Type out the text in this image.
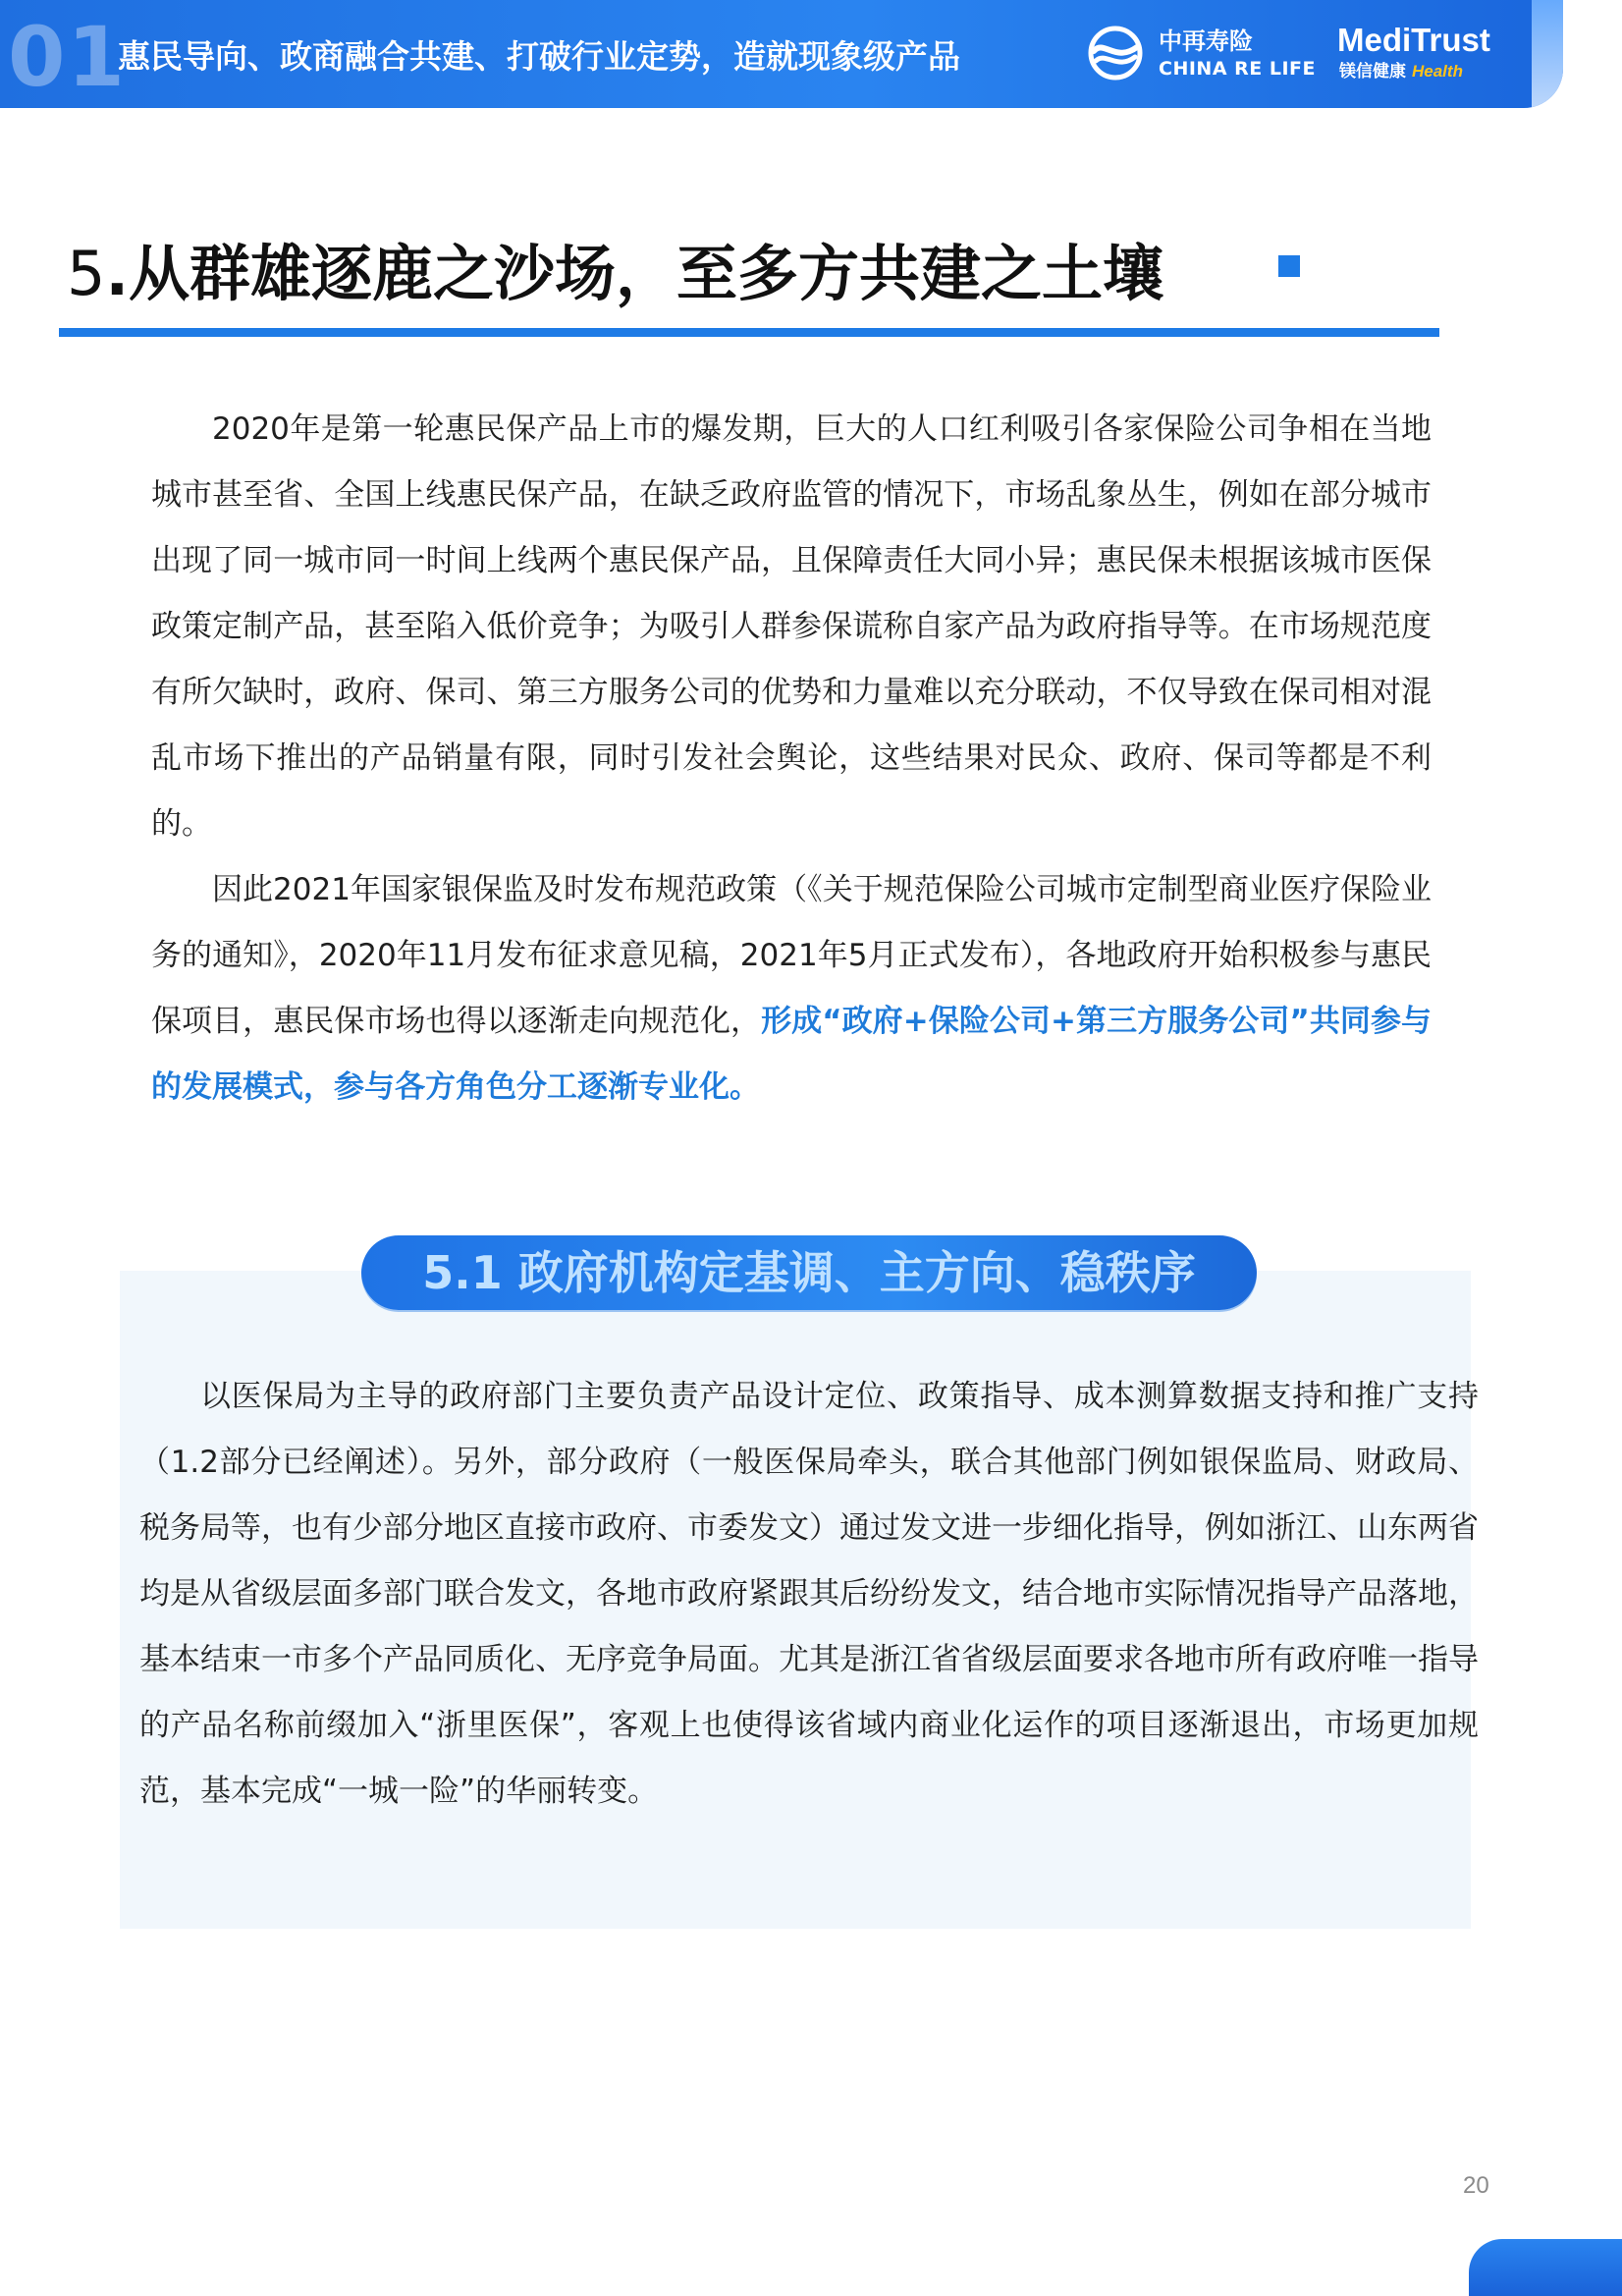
01
惠民导向、政商融合共建、打破行业定势，造就现象级产品	中再寿险
CHINA RE LIFE
MediTrust
镁信健康 Health
5.从群雄逐鹿之沙场，至多方共建之土壤

2020年是第一轮惠民保产品上市的爆发期，巨大的人口红利吸引各家保险公司争相在当地城市甚至省、全国上线惠民保产品，在缺乏政府监管的情况下，市场乱象丛生，例如在部分城市出现了同一城市同一时间上线两个惠民保产品，且保障责任大同小异；惠民保未根据该城市医保政策定制产品，甚至陷入低价竞争；为吸引人群参保谎称自家产品为政府指导等。在市场规范度有所欠缺时，政府、保司、第三方服务公司的优势和力量难以充分联动，不仅导致在保司相对混乱市场下推出的产品销量有限，同时引发社会舆论，这些结果对民众、政府、保司等都是不利的。

因此2021年国家银保监及时发布规范政策（《关于规范保险公司城市定制型商业医疗保险业务的通知》，2020年11月发布征求意见稿，2021年5月正式发布），各地政府开始积极参与惠民保项目，惠民保市场也得以逐渐走向规范化，形成“政府+保险公司+第三方服务公司”共同参与的发展模式，参与各方角色分工逐渐专业化。

5.1 政府机构定基调、主方向、稳秩序

以医保局为主导的政府部门主要负责产品设计定位、政策指导、成本测算数据支持和推广支持（1.2部分已经阐述）。另外，部分政府（一般医保局牵头，联合其他部门例如银保监局、财政局、税务局等，也有少部分地区直接市政府、市委发文）通过发文进一步细化指导，例如浙江、山东两省均是从省级层面多部门联合发文，各地市政府紧跟其后纷纷发文，结合地市实际情况指导产品落地，基本结束一市多个产品同质化、无序竞争局面。尤其是浙江省省级层面要求各地市所有政府唯一指导的产品名称前缀加入“浙里医保”，客观上也使得该省域内商业化运作的项目逐渐退出，市场更加规范，基本完成“一城一险”的华丽转变。

20
